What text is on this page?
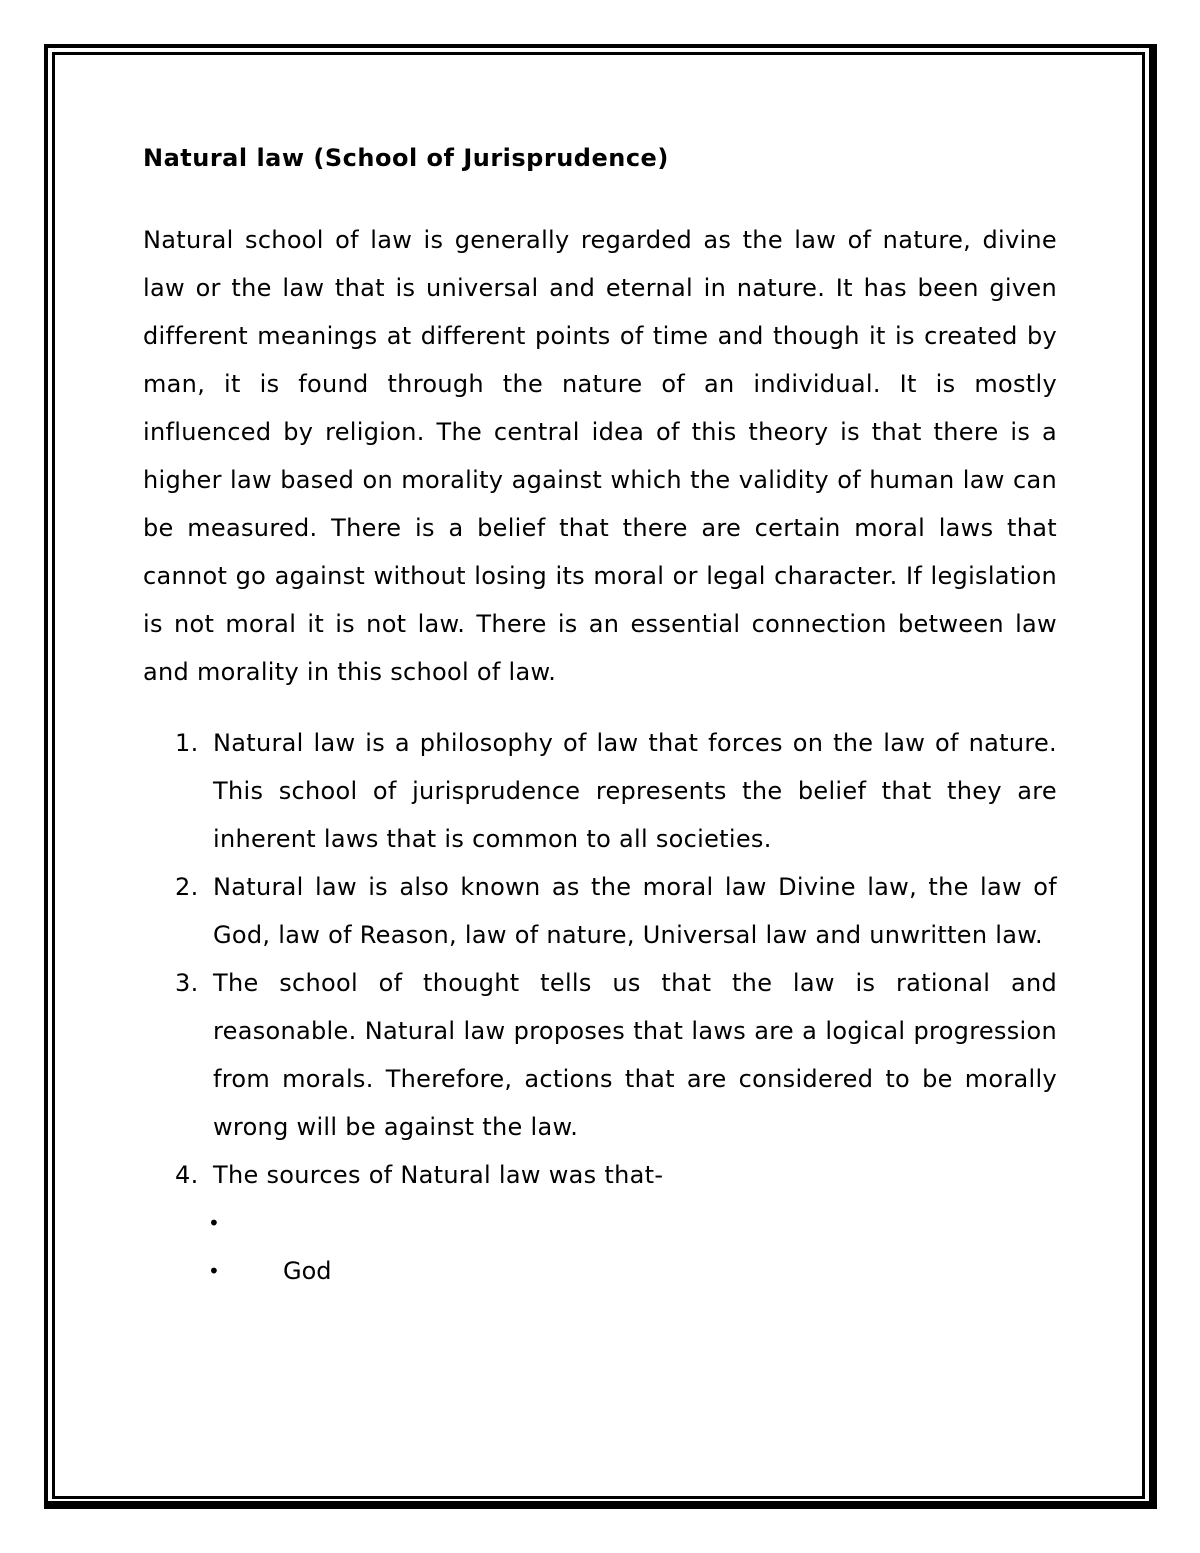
Natural law (School of Jurisprudence)

Natural school of law is generally regarded as the law of nature, divine law or the law that is universal and eternal in nature. It has been given different meanings at different points of time and though it is created by man, it is found through the nature of an individual. It is mostly influenced by religion. The central idea of this theory is that there is a higher law based on morality against which the validity of human law can be measured. There is a belief that there are certain moral laws that cannot go against without losing its moral or legal character. If legislation is not moral it is not law. There is an essential connection between law and morality in this school of law.

1. Natural law is a philosophy of law that forces on the law of nature. This school of jurisprudence represents the belief that they are inherent laws that is common to all societies.
2. Natural law is also known as the moral law Divine law, the law of God, law of Reason, law of nature, Universal law and unwritten law.
3. The school of thought tells us that the law is rational and reasonable. Natural law proposes that laws are a logical progression from morals. Therefore, actions that are considered to be morally wrong will be against the law.
4. The sources of Natural law was that-
•
•	God
